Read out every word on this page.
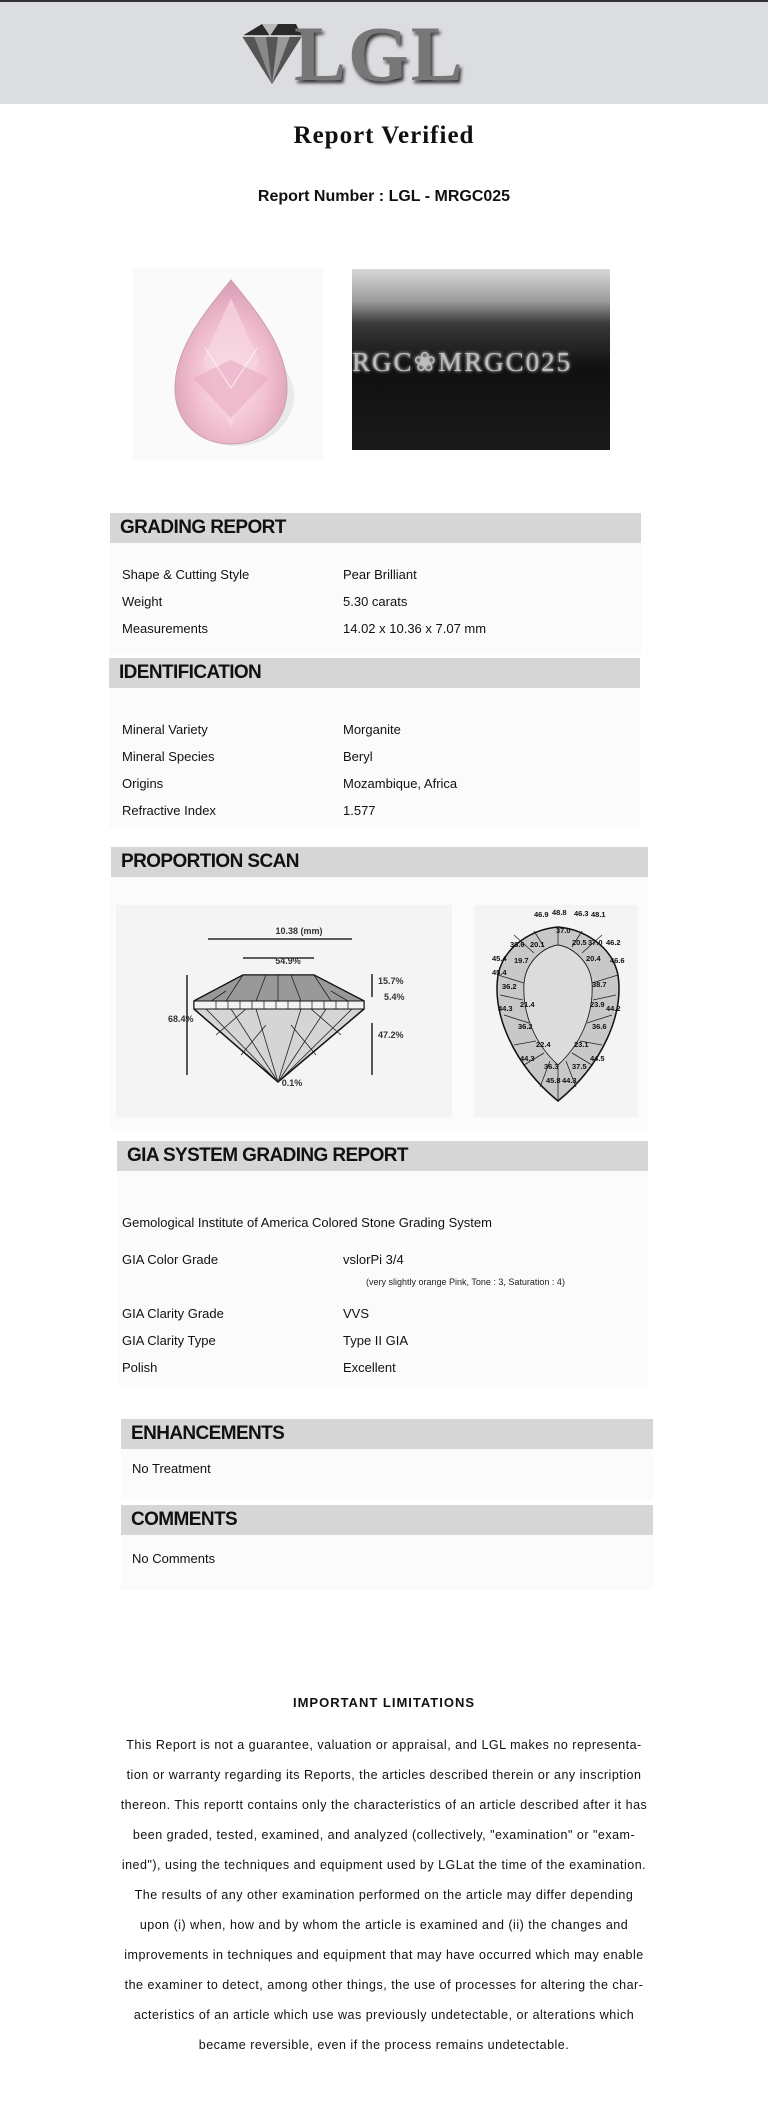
LGL
Report Verified
Report Number : LGL - MRGC025
RGC❀MRGC025
GRADING REPORT
Shape & Cutting Style	Pear Brilliant
Weight	5.30 carats
Measurements	14.02 x 10.36 x 7.07 mm
IDENTIFICATION
Mineral Variety	Morganite
Mineral Species	Beryl
Origins	Mozambique, Africa
Refractive Index	1.577
PROPORTION SCAN
10.38 (mm)
54.9%
68.4%
15.7%
5.4%
47.2%
0.1%
46.9 48.8 46.3 48.1
36.6 20.1
37.0
20.5 37.0 46.2
19.7	20.4 46.6
45.4
45.4
36.2	38.7
21.4	23.9
44.3	44.2
36.2	36.6
22.4	23.1
44.3	44.5
36.3 37.5
45.8 44.3
GIA SYSTEM GRADING REPORT
Gemological Institute of America Colored Stone Grading System
GIA Color Grade	vslorPi 3/4
(very slightly orange Pink, Tone : 3, Saturation : 4)
GIA Clarity Grade	VVS
GIA Clarity Type	Type II GIA
Polish	Excellent
ENHANCEMENTS
No Treatment
COMMENTS
No Comments
IMPORTANT LIMITATIONS
This Report is not a guarantee, valuation or appraisal, and LGL makes no representa-
tion or warranty regarding its Reports, the articles described therein or any inscription
thereon. This reportt contains only the characteristics of an article described after it has
been graded, tested, examined, and analyzed (collectively, "examination" or "exam-
ined"), using the techniques and equipment used by LGLat the time of the examination.
The results of any other examination performed on the article may differ depending
upon (i) when, how and by whom the article is examined and (ii) the changes and
improvements in techniques and equipment that may have occurred which may enable
the examiner to detect, among other things, the use of processes for altering the char-
acteristics of an article which use was previously undetectable, or alterations which
became reversible, even if the process remains undetectable.
